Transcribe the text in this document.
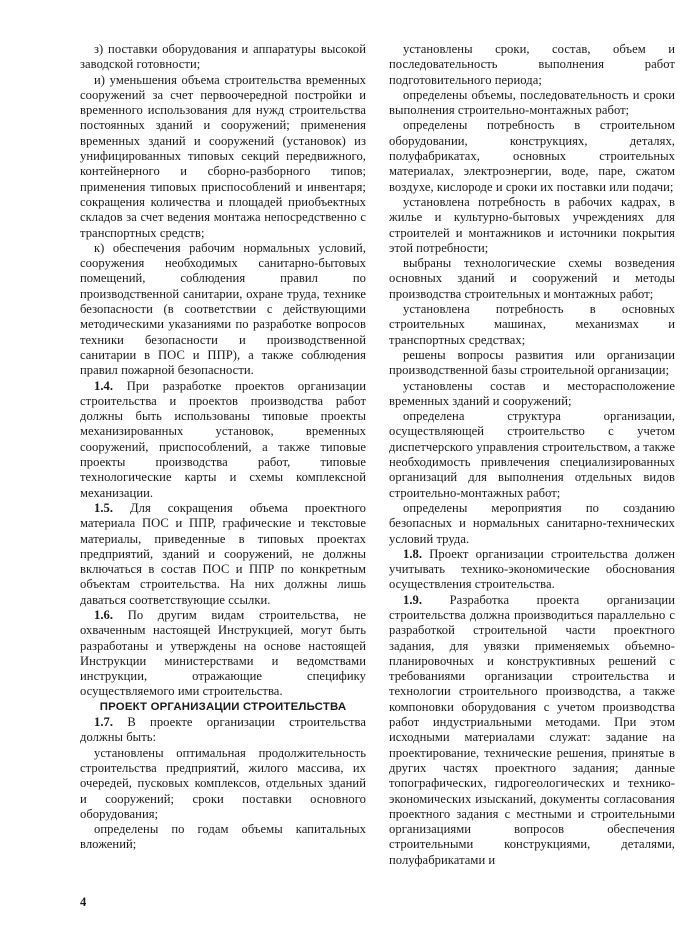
з) поставки оборудования и аппаратуры высокой заводской готовности;

и) уменьшения объема строительства временных сооружений за счет первоочередной постройки и временного использования для нужд строительства постоянных зданий и сооружений; применения временных зданий и сооружений (установок) из унифицированных типовых секций передвижного, контейнерного и сборно-разборного типов; применения типовых приспособлений и инвентаря; сокращения количества и площадей приобъектных складов за счет ведения монтажа непосредственно с транспортных средств;

к) обеспечения рабочим нормальных условий, сооружения необходимых санитарно-бытовых помещений, соблюдения правил по производственной санитарии, охране труда, технике безопасности (в соответствии с действующими методическими указаниями по разработке вопросов техники безопасности и производственной санитарии в ПОС и ППР), а также соблюдения правил пожарной безопасности.

1.4. При разработке проектов организации строительства и проектов производства работ должны быть использованы типовые проекты механизированных установок, временных сооружений, приспособлений, а также типовые проекты производства работ, типовые технологические карты и схемы комплексной механизации.

1.5. Для сокращения объема проектного материала ПОС и ППР, графические и текстовые материалы, приведенные в типовых проектах предприятий, зданий и сооружений, не должны включаться в состав ПОС и ППР по конкретным объектам строительства. На них должны лишь даваться соответствующие ссылки.

1.6. По другим видам строительства, не охваченным настоящей Инструкцией, могут быть разработаны и утверждены на основе настоящей Инструкции министерствами и ведомствами инструкции, отражающие специфику осуществляемого ими строительства.

ПРОЕКТ ОРГАНИЗАЦИИ СТРОИТЕЛЬСТВА

1.7. В проекте организации строительства должны быть:

установлены оптимальная продолжительность строительства предприятий, жилого массива, их очередей, пусковых комплексов, отдельных зданий и сооружений; сроки поставки основного оборудования;

определены по годам объемы капитальных вложений;

установлены сроки, состав, объем и последовательность выполнения работ подготовительного периода;

определены объемы, последовательность и сроки выполнения строительно-монтажных работ;

определены потребность в строительном оборудовании, конструкциях, деталях, полуфабрикатах, основных строительных материалах, электроэнергии, воде, паре, сжатом воздухе, кислороде и сроки их поставки или подачи;

установлена потребность в рабочих кадрах, в жилье и культурно-бытовых учреждениях для строителей и монтажников и источники покрытия этой потребности;

выбраны технологические схемы возведения основных зданий и сооружений и методы производства строительных и монтажных работ;

установлена потребность в основных строительных машинах, механизмах и транспортных средствах;

решены вопросы развития или организации производственной базы строительной организации;

установлены состав и месторасположение временных зданий и сооружений;

определена структура организации, осуществляющей строительство с учетом диспетчерского управления строительством, а также необходимость привлечения специализированных организаций для выполнения отдельных видов строительно-монтажных работ;

определены мероприятия по созданию безопасных и нормальных санитарно-технических условий труда.

1.8. Проект организации строительства должен учитывать технико-экономические обоснования осуществления строительства.

1.9. Разработка проекта организации строительства должна производиться параллельно с разработкой строительной части проектного задания, для увязки применяемых объемно-планировочных и конструктивных решений с требованиями организации строительства и технологии строительного производства, а также компоновки оборудования с учетом производства работ индустриальными методами. При этом исходными материалами служат: задание на проектирование, технические решения, принятые в других частях проектного задания; данные топографических, гидрогеологических и технико-экономических изысканий, документы согласования проектного задания с местными и строительными организациями вопросов обеспечения строительными конструкциями, деталями, полуфабрикатами и

4
